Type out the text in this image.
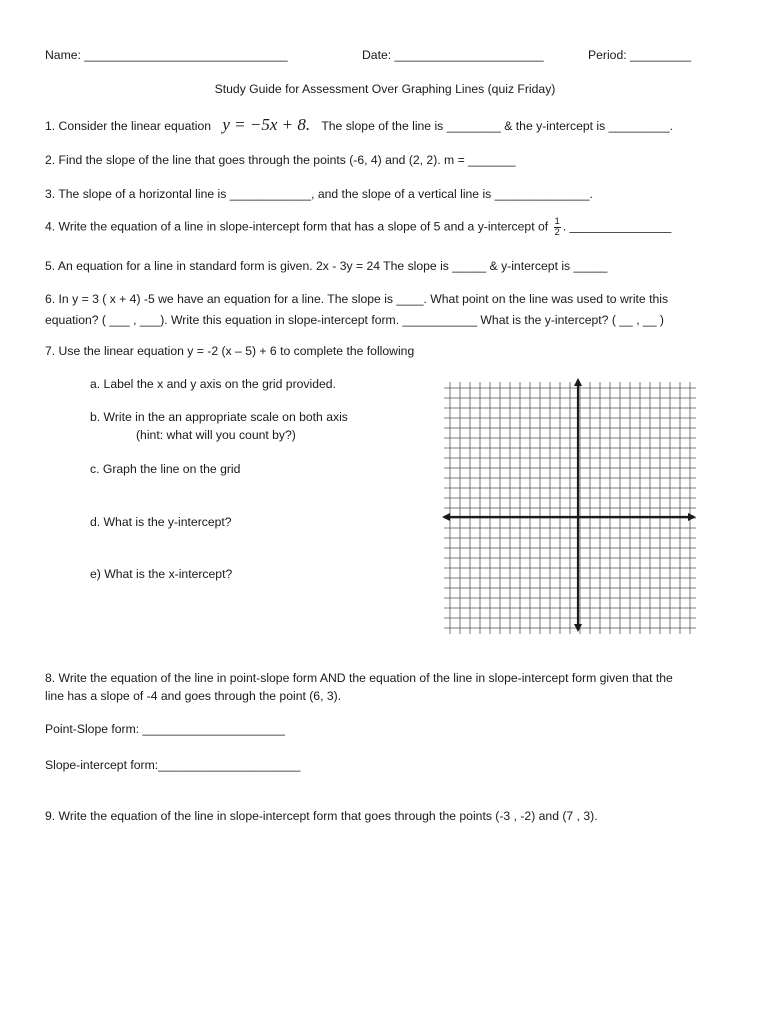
Name: ______________________________	Date: ______________________	Period: _________
Study Guide for Assessment Over Graphing Lines (quiz Friday)
1. Consider the linear equation y = −5x + 8. The slope of the line is ________ & the y-intercept is _________.
2. Find the slope of the line that goes through the points (-6, 4) and (2, 2). m = _______
3. The slope of a horizontal line is ____________, and the slope of a vertical line is ______________.
4. Write the equation of a line in slope-intercept form that has a slope of 5 and a y-intercept of $\frac{1}{2}$ . _______________
5. An equation for a line in standard form is given. 2x - 3y = 24 The slope is _____ & y-intercept is _____
6. In y = 3 ( x + 4) -5 we have an equation for a line. The slope is ____. What point on the line was used to write this
equation? ( ___ , ___). Write this equation in slope-intercept form. ___________ What is the y-intercept? ( __ , __ )
7. Use the linear equation y = -2 (x – 5) + 6 to complete the following
a. Label the x and y axis on the grid provided.
b. Write in the an appropriate scale on both axis
(hint: what will you count by?)
c. Graph the line on the grid
d. What is the y-intercept?
e) What is the x-intercept?
8. Write the equation of the line in point-slope form AND the equation of the line in slope-intercept form given that the
line has a slope of -4 and goes through the point (6, 3).
Point-Slope form: _____________________
Slope-intercept form:_____________________
9. Write the equation of the line in slope-intercept form that goes through the points (-3 , -2) and (7 , 3).
